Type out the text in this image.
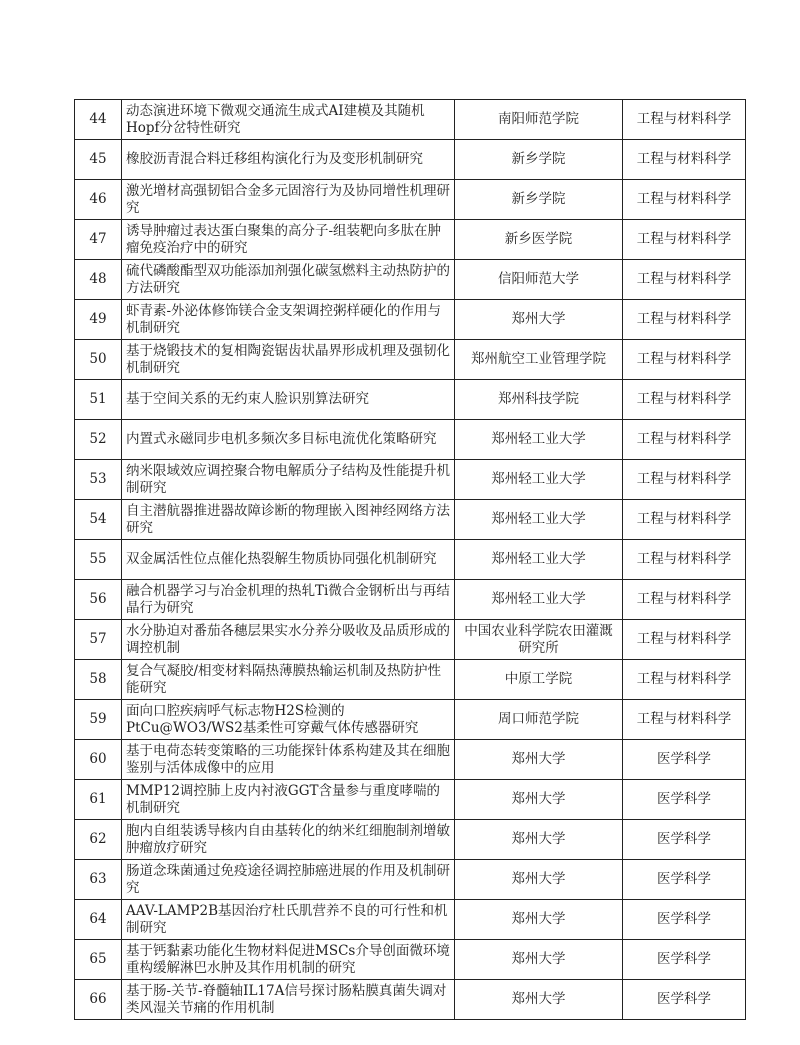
44	动态演进环境下微观交通流生成式AI建模及其随机Hopf分岔特性研究	南阳师范学院	工程与材料科学
45	橡胶沥青混合料迁移组构演化行为及变形机制研究	新乡学院	工程与材料科学
46	激光增材高强韧铝合金多元固溶行为及协同增性机理研究	新乡学院	工程与材料科学
47	诱导肿瘤过表达蛋白聚集的高分子-组装靶向多肽在肿瘤免疫治疗中的研究	新乡医学院	工程与材料科学
48	硫代磷酸酯型双功能添加剂强化碳氢燃料主动热防护的方法研究	信阳师范大学	工程与材料科学
49	虾青素-外泌体修饰镁合金支架调控粥样硬化的作用与机制研究	郑州大学	工程与材料科学
50	基于烧锻技术的复相陶瓷锯齿状晶界形成机理及强韧化机制研究	郑州航空工业管理学院	工程与材料科学
51	基于空间关系的无约束人脸识别算法研究	郑州科技学院	工程与材料科学
52	内置式永磁同步电机多频次多目标电流优化策略研究	郑州轻工业大学	工程与材料科学
53	纳米限域效应调控聚合物电解质分子结构及性能提升机制研究	郑州轻工业大学	工程与材料科学
54	自主潜航器推进器故障诊断的物理嵌入图神经网络方法研究	郑州轻工业大学	工程与材料科学
55	双金属活性位点催化热裂解生物质协同强化机制研究	郑州轻工业大学	工程与材料科学
56	融合机器学习与冶金机理的热轧Ti微合金钢析出与再结晶行为研究	郑州轻工业大学	工程与材料科学
57	水分胁迫对番茄各穗层果实水分养分吸收及品质形成的调控机制	中国农业科学院农田灌溉研究所	工程与材料科学
58	复合气凝胶/相变材料隔热薄膜热输运机制及热防护性能研究	中原工学院	工程与材料科学
59	面向口腔疾病呼气标志物H2S检测的PtCu@WO3/WS2基柔性可穿戴气体传感器研究	周口师范学院	工程与材料科学
60	基于电荷态转变策略的三功能探针体系构建及其在细胞鉴别与活体成像中的应用	郑州大学	医学科学
61	MMP12调控肺上皮内衬液GGT含量参与重度哮喘的机制研究	郑州大学	医学科学
62	胞内自组装诱导核内自由基转化的纳米红细胞制剂增敏肿瘤放疗研究	郑州大学	医学科学
63	肠道念珠菌通过免疫途径调控肺癌进展的作用及机制研究	郑州大学	医学科学
64	AAV-LAMP2B基因治疗杜氏肌营养不良的可行性和机制研究	郑州大学	医学科学
65	基于钙黏素功能化生物材料促进MSCs介导创面微环境重构缓解淋巴水肿及其作用机制的研究	郑州大学	医学科学
66	基于肠-关节-脊髓轴IL17A信号探讨肠粘膜真菌失调对类风湿关节痛的作用机制	郑州大学	医学科学
